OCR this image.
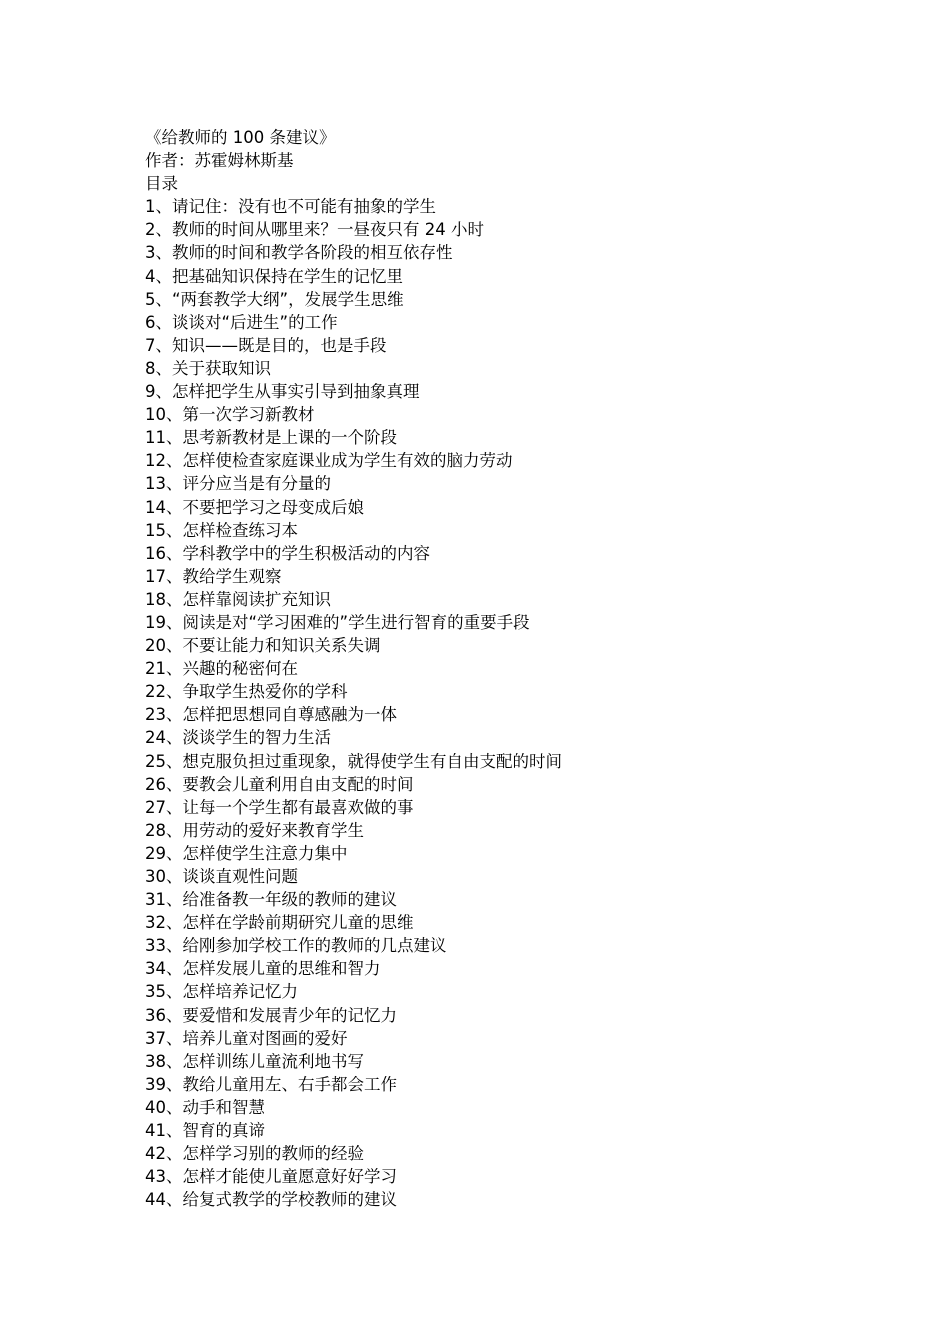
《给教师的 100 条建议》
作者：苏霍姆林斯基
目录
1、请记住：没有也不可能有抽象的学生
2、教师的时间从哪里来？一昼夜只有 24 小时
3、教师的时间和教学各阶段的相互依存性
4、把基础知识保持在学生的记忆里
5、“两套教学大纲”，发展学生思维
6、谈谈对“后进生”的工作
7、知识——既是目的，也是手段
8、关于获取知识
9、怎样把学生从事实引导到抽象真理
10、第一次学习新教材
11、思考新教材是上课的一个阶段
12、怎样使检查家庭课业成为学生有效的脑力劳动
13、评分应当是有分量的
14、不要把学习之母变成后娘
15、怎样检查练习本
16、学科教学中的学生积极活动的内容
17、教给学生观察
18、怎样靠阅读扩充知识
19、阅读是对“学习困难的”学生进行智育的重要手段
20、不要让能力和知识关系失调
21、兴趣的秘密何在
22、争取学生热爱你的学科
23、怎样把思想同自尊感融为一体
24、淡谈学生的智力生活
25、想克服负担过重现象，就得使学生有自由支配的时间
26、要教会儿童利用自由支配的时间
27、让每一个学生都有最喜欢做的事
28、用劳动的爱好来教育学生
29、怎样使学生注意力集中
30、谈谈直观性问题
31、给准备教一年级的教师的建议
32、怎样在学龄前期研究儿童的思维
33、给刚参加学校工作的教师的几点建议
34、怎样发展儿童的思维和智力
35、怎样培养记忆力
36、要爱惜和发展青少年的记忆力
37、培养儿童对图画的爱好
38、怎样训练儿童流利地书写
39、教给儿童用左、右手都会工作
40、动手和智慧
41、智育的真谛
42、怎样学习别的教师的经验
43、怎样才能使儿童愿意好好学习
44、给复式教学的学校教师的建议
